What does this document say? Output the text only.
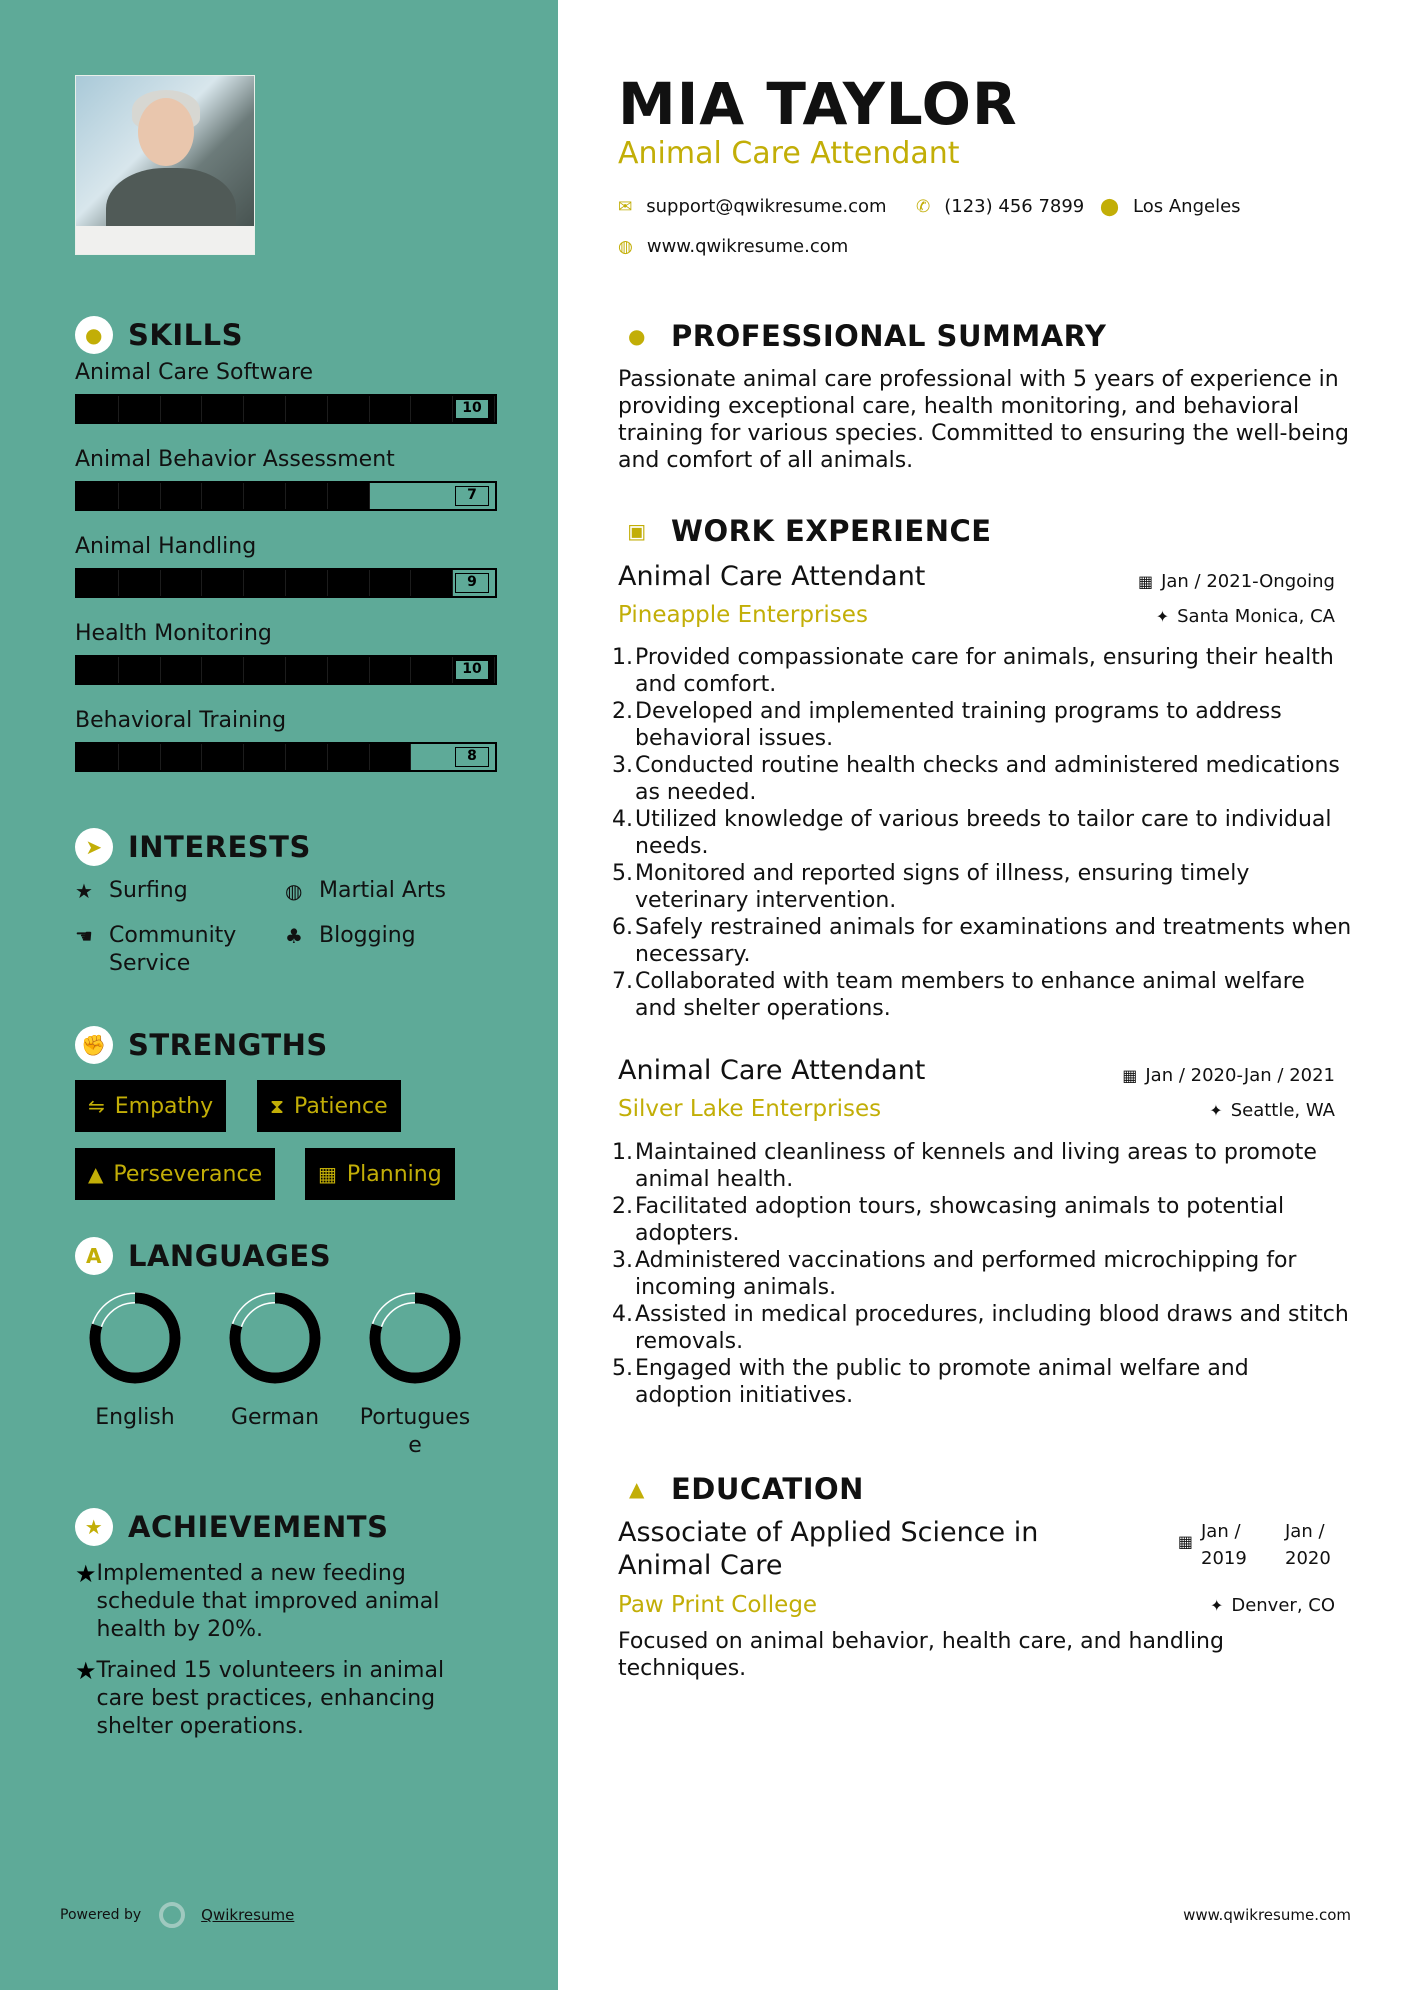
● SKILLS
Animal Care Software
10
Animal Behavior Assessment
7
Animal Handling
9
Health Monitoring
10
Behavioral Training
8
➤ INTERESTS
★ Surfing	◍ Martial Arts
☚ Community Service
♣ Blogging
✊ STRENGTHS
⇋ Empathy	⧗ Patience
▲ Perseverance	▦ Planning
A LANGUAGES
English	German	Portuguese
★ ACHIEVEMENTS
★ Implemented a new feeding schedule that improved animal health by 20%.
★ Trained 15 volunteers in animal care best practices, enhancing shelter operations.
Powered by	Qwikresume
MIA TAYLOR
Animal Care Attendant
✉ support@qwikresume.com ✆ (123) 456 7899 ⬤ Los Angeles
◍ www.qwikresume.com
● PROFESSIONAL SUMMARY
Passionate animal care professional with 5 years of experience in providing exceptional care, health monitoring, and behavioral training for various species. Committed to ensuring the well-being and comfort of all animals.
▣ WORK EXPERIENCE
Animal Care Attendant
Pineapple Enterprises
▦ Jan / 2021-Ongoing
✦ Santa Monica, CA
Provided compassionate care for animals, ensuring their health and comfort.
Developed and implemented training programs to address behavioral issues.
Conducted routine health checks and administered medications as needed.
Utilized knowledge of various breeds to tailor care to individual needs.
Monitored and reported signs of illness, ensuring timely veterinary intervention.
Safely restrained animals for examinations and treatments when necessary.
Collaborated with team members to enhance animal welfare and shelter operations.
Animal Care Attendant
Silver Lake Enterprises
▦ Jan / 2020-Jan / 2021
✦ Seattle, WA
Maintained cleanliness of kennels and living areas to promote animal health.
Facilitated adoption tours, showcasing animals to potential adopters.
Administered vaccinations and performed microchipping for incoming animals.
Assisted in medical procedures, including blood draws and stitch removals.
Engaged with the public to promote animal welfare and adoption initiatives.
▲ EDUCATION
Associate of Applied Science in Animal Care
Paw Print College
▦ Jan / 2019
Jan / 2020
✦ Denver, CO
Focused on animal behavior, health care, and handling techniques.
www.qwikresume.com
